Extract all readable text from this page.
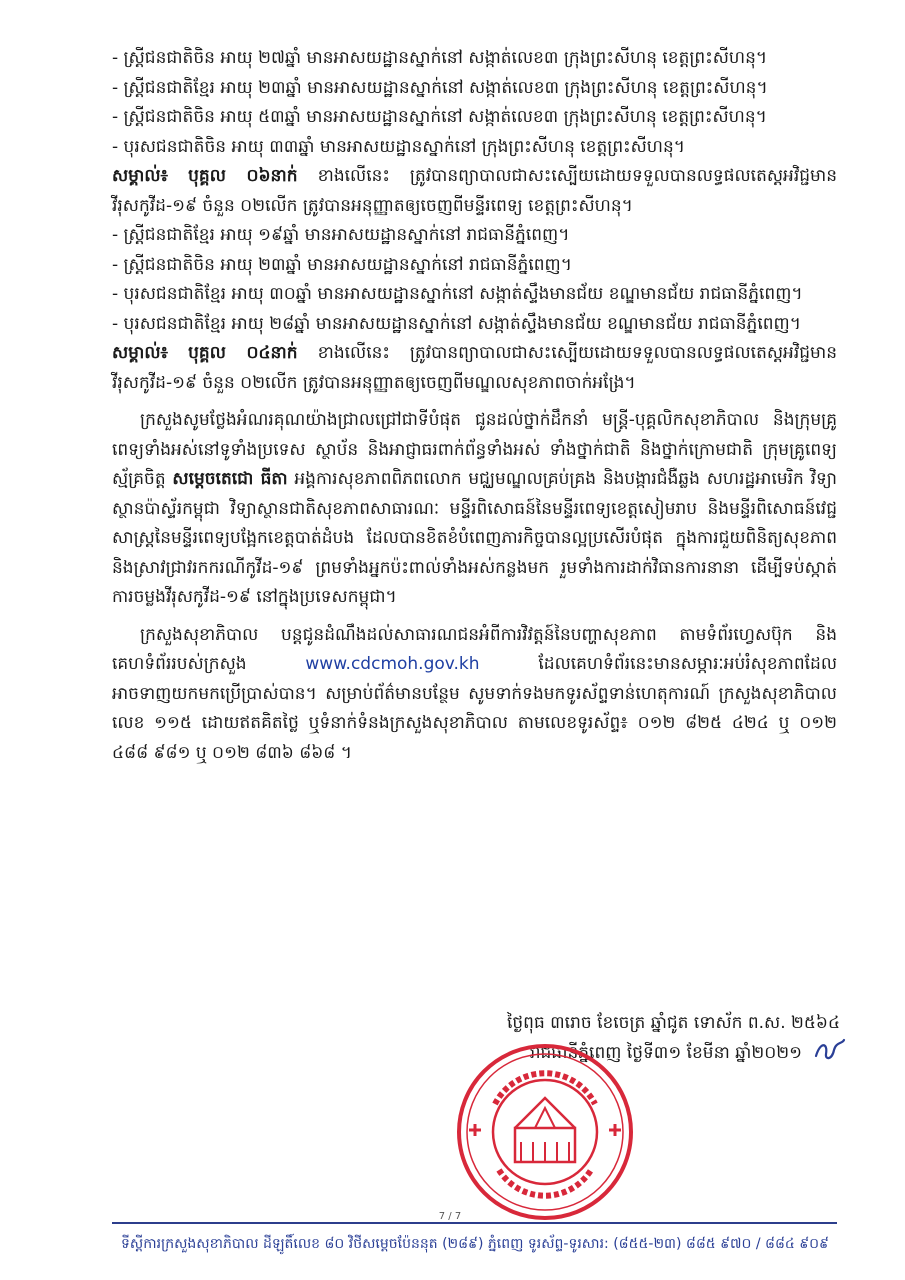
- ស្ត្រីជនជាតិចិន អាយុ ២៧ឆ្នាំ មានអាសយដ្ឋានស្នាក់នៅ សង្កាត់លេខ៣ ក្រុងព្រះសីហនុ ខេត្តព្រះសីហនុ។
- ស្ត្រីជនជាតិខ្មែរ អាយុ ២៣ឆ្នាំ មានអាសយដ្ឋានស្នាក់នៅ សង្កាត់លេខ៣ ក្រុងព្រះសីហនុ ខេត្តព្រះសីហនុ។
- ស្ត្រីជនជាតិចិន អាយុ ៥៣ឆ្នាំ មានអាសយដ្ឋានស្នាក់នៅ សង្កាត់លេខ៣ ក្រុងព្រះសីហនុ ខេត្តព្រះសីហនុ។
- បុរសជនជាតិចិន អាយុ ៣៣ឆ្នាំ មានអាសយដ្ឋានស្នាក់នៅ ក្រុងព្រះសីហនុ ខេត្តព្រះសីហនុ។
សម្គាល់៖ បុគ្គល ០៦នាក់ ខាងលើនេះ ត្រូវបានព្យាបាលជាសះស្បើយដោយទទួលបានលទ្ធផលតេស្តអវិជ្ជមានវីរុសកូវីដ-១៩ ចំនួន ០២លើក ត្រូវបានអនុញ្ញាតឲ្យចេញពីមន្ទីរពេទ្យ ខេត្តព្រះសីហនុ។
- ស្ត្រីជនជាតិខ្មែរ អាយុ ១៩ឆ្នាំ មានអាសយដ្ឋានស្នាក់នៅ រាជធានីភ្នំពេញ។
- ស្ត្រីជនជាតិចិន អាយុ ២៣ឆ្នាំ មានអាសយដ្ឋានស្នាក់នៅ រាជធានីភ្នំពេញ។
- បុរសជនជាតិខ្មែរ អាយុ ៣០ឆ្នាំ មានអាសយដ្ឋានស្នាក់នៅ សង្កាត់ស្ទឹងមានជ័យ ខណ្ឌមានជ័យ រាជធានីភ្នំពេញ។
- បុរសជនជាតិខ្មែរ អាយុ ២៨ឆ្នាំ មានអាសយដ្ឋានស្នាក់នៅ សង្កាត់ស្ទឹងមានជ័យ ខណ្ឌមានជ័យ រាជធានីភ្នំពេញ។
សម្គាល់៖ បុគ្គល ០៤នាក់ ខាងលើនេះ ត្រូវបានព្យាបាលជាសះស្បើយដោយទទួលបានលទ្ធផលតេស្តអវិជ្ជមានវីរុសកូវីដ-១៩ ចំនួន ០២លើក ត្រូវបានអនុញ្ញាតឲ្យចេញពីមណ្ឌលសុខភាពចាក់អង្រែ។
ក្រសួងសូមថ្លែងអំណរគុណយ៉ាងជ្រាលជ្រៅជាទីបំផុត ជូនដល់ថ្នាក់ដឹកនាំ មន្ត្រី-បុគ្គលិកសុខាភិបាល និងក្រុមគ្រូពេទ្យទាំងអស់នៅទូទាំងប្រទេស ស្ថាប័ន និងអាជ្ញាធរពាក់ព័ន្ធទាំងអស់ ទាំងថ្នាក់ជាតិ និងថ្នាក់ក្រោមជាតិ ក្រុមគ្រូពេទ្យស្ម័គ្រចិត្ត សម្តេចតេជោ ធីតា អង្គការសុខភាពពិភពលោក មជ្ឈមណ្ឌលគ្រប់គ្រង និងបង្ការជំងឺឆ្លង សហរដ្ឋអាមេរិក វិទ្យាស្ថានប៉ាស្ទ័រកម្ពុជា វិទ្យាស្ថានជាតិសុខភាពសាធារណៈ មន្ទីរពិសោធន៍នៃមន្ទីរពេទ្យខេត្តសៀមរាប និងមន្ទីរពិសោធន៍វេជ្ជសាស្ត្រនៃមន្ទីរពេទ្យបង្អែកខេត្តបាត់ដំបង ដែលបានខិតខំបំពេញភារកិច្ចបានល្អប្រសើរបំផុត ក្នុងការជួយពិនិត្យសុខភាព និងស្រាវជ្រាវរកករណីកូវីដ-១៩ ព្រមទាំងអ្នកប៉ះពាល់ទាំងអស់កន្លងមក រួមទាំងការដាក់វិធានការនានា ដើម្បីទប់ស្កាត់ការចម្លងវីរុសកូវីដ-១៩ នៅក្នុងប្រទេសកម្ពុជា។
ក្រសួងសុខាភិបាល បន្តជូនដំណឹងដល់សាធារណជនអំពីការវិវត្តន៍នៃបញ្ហាសុខភាព តាមទំព័រហ្វេសប៊ុក និងគេហទំព័ររបស់ក្រសួង	www.cdcmoh.gov.kh	ដែលគេហទំព័រនេះមានសម្ភារៈអប់រំសុខភាពដែលអាចទាញយកមកប្រើប្រាស់បាន។ សម្រាប់ព័ត៌មានបន្ថែម សូមទាក់ទងមកទូរស័ព្ទទាន់ហេតុការណ៍ ក្រសួងសុខាភិបាល លេខ ១១៥ ដោយឥតគិតថ្លៃ ឬទំនាក់ទំនងក្រសួងសុខាភិបាល តាមលេខទូរស័ព្ទ៖ ០១២ ៨២៥ ៤២៤ ឬ ០១២ ៤៨៨ ៩៨១ ឬ ០១២ ៨៣៦ ៨៦៨ ។
ថ្ងៃពុធ ៣រោច ខែចេត្រ ឆ្នាំជូត ទោស័ក ព.ស. ២៥៦៤
រាជធានីភ្នំពេញ ថ្ងៃទី៣១ ខែមីនា ឆ្នាំ២០២១
7 / 7
ទីស្តីការក្រសួងសុខាភិបាល ដីឡូតិ៍លេខ ៨០ វិថីសម្តេចប៉ែននុត (២៨៩) ភ្នំពេញ ទូរស័ព្ទ-ទូរសារ: (៨៥៥-២៣) ៨៨៥ ៩៧០ / ៨៨៤ ៩០៩
